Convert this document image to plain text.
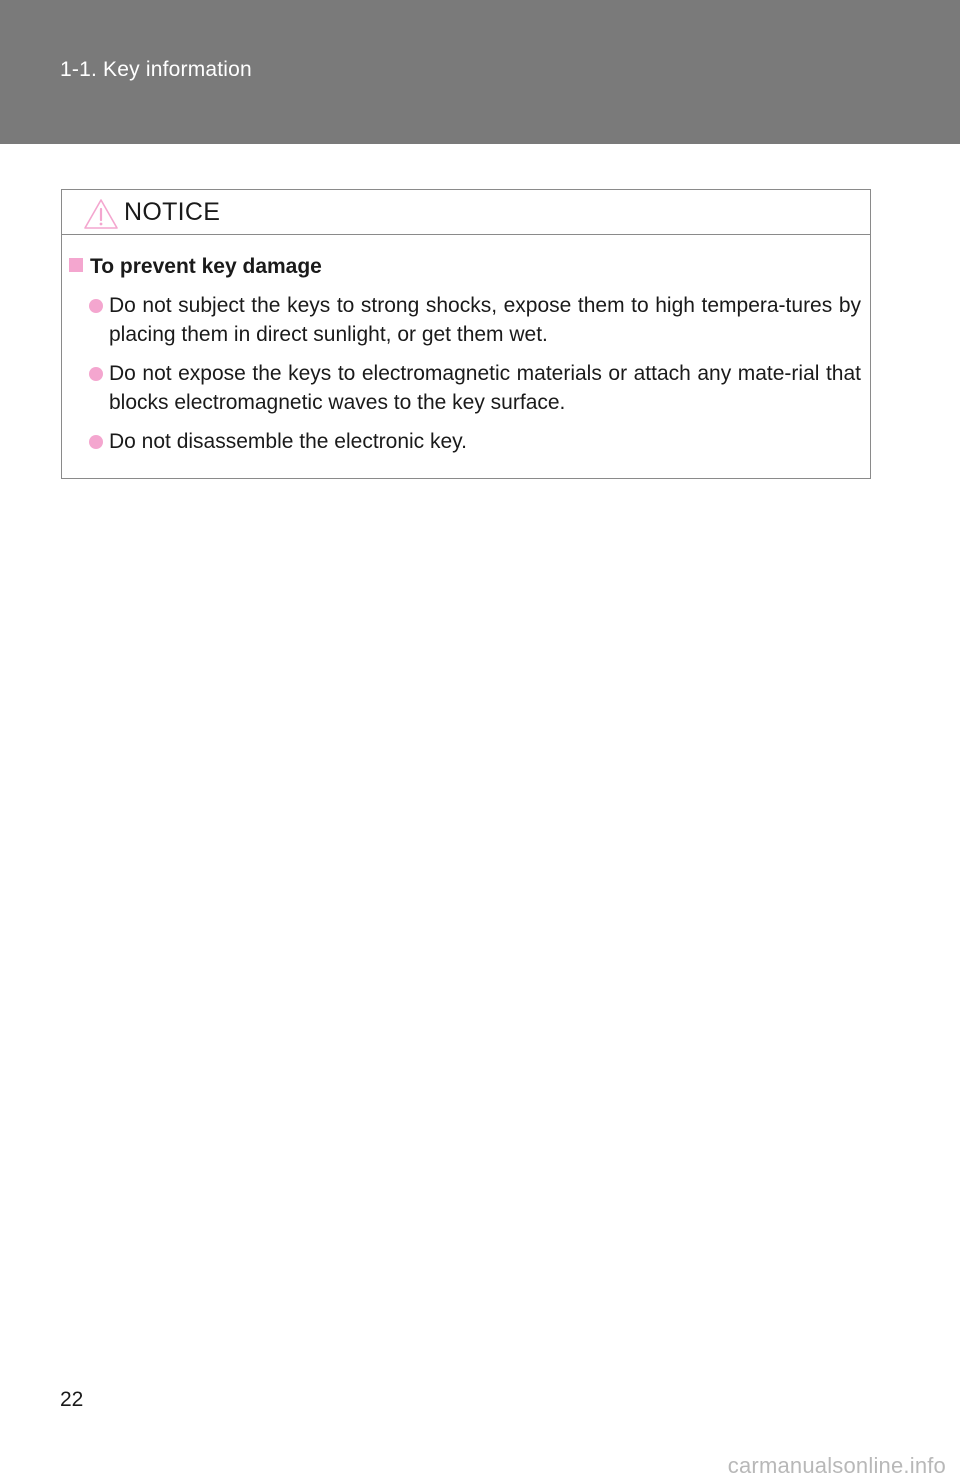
1-1. Key information
NOTICE
To prevent key damage
Do not subject the keys to strong shocks, expose them to high tempera-tures by placing them in direct sunlight, or get them wet.
Do not expose the keys to electromagnetic materials or attach any mate-rial that blocks electromagnetic waves to the key surface.
Do not disassemble the electronic key.
22
carmanualsonline.info
